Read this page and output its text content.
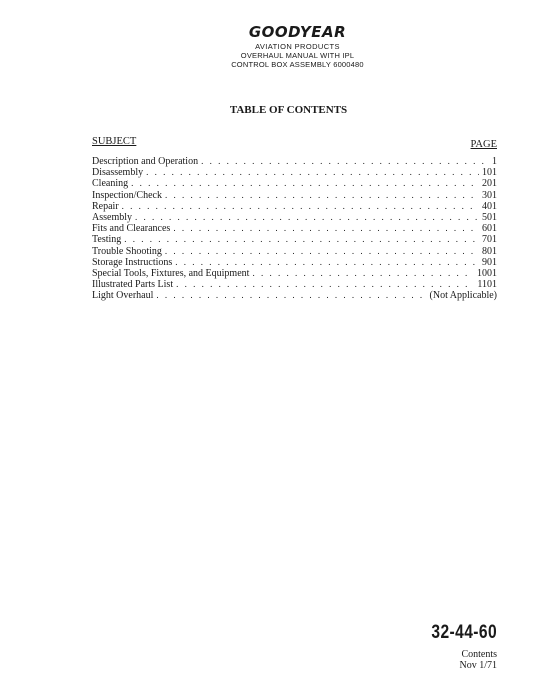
GOODYEAR
AVIATION PRODUCTS
OVERHAUL MANUAL WITH IPL
CONTROL BOX ASSEMBLY 6000480
TABLE OF CONTENTS
SUBJECT	PAGE
Description and Operation . . .	1
Disassembly . . .	101
Cleaning . . .	201
Inspection/Check . . .	301
Repair . . .	401
Assembly . . .	501
Fits and Clearances . . .	601
Testing . . .	701
Trouble Shooting . . .	801
Storage Instructions . . .	901
Special Tools, Fixtures, and Equipment . . .	1001
Illustrated Parts List . . .	1101
Light Overhaul . . .	(Not Applicable)
32-44-60
Contents
Nov 1/71
